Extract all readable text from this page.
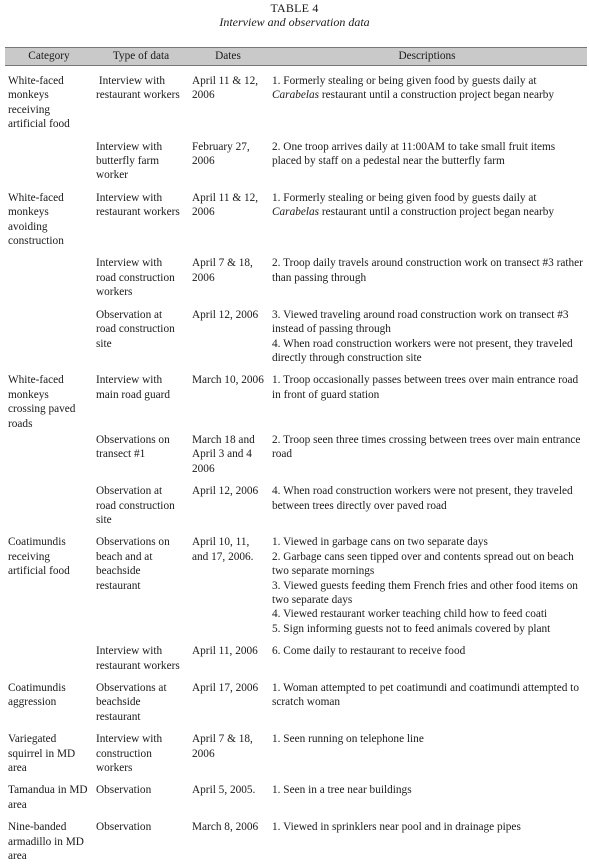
TABLE 4
Interview and observation data
Category	Type of data	Dates	Descriptions

White-faced monkeys receiving artificial food	Interview with restaurant workers	April 11 & 12, 2006	1. Formerly stealing or being given food by guests daily at Carabelas restaurant until a construction project began nearby

	Interview with butterfly farm worker	February 27, 2006	2. One troop arrives daily at 11:00AM to take small fruit items placed by staff on a pedestal near the butterfly farm

White-faced monkeys avoiding construction	Interview with restaurant workers	April 11 & 12, 2006	1. Formerly stealing or being given food by guests daily at Carabelas restaurant until a construction project began nearby

	Interview with road construction workers	April 7 & 18, 2006	2. Troop daily travels around construction work on transect #3 rather than passing through

	Observation at road construction site	April 12, 2006	3. Viewed traveling around road construction work on transect #3 instead of passing through
4. When road construction workers were not present, they traveled directly through construction site

White-faced monkeys crossing paved roads	Interview with main road guard	March 10, 2006	1. Troop occasionally passes between trees over main entrance road in front of guard station

	Observations on transect #1	March 18 and April 3 and 4 2006	2. Troop seen three times crossing between trees over main entrance road

	Observation at road construction site	April 12, 2006	4. When road construction workers were not present, they traveled between trees directly over paved road

Coatimundis receiving artificial food	Observations on beach and at beachside restaurant	April 10, 11, and 17, 2006.	1. Viewed in garbage cans on two separate days
2. Garbage cans seen tipped over and contents spread out on beach two separate mornings
3. Viewed guests feeding them French fries and other food items on two separate days
4. Viewed restaurant worker teaching child how to feed coati
5. Sign informing guests not to feed animals covered by plant

	Interview with restaurant workers	April 11, 2006	6. Come daily to restaurant to receive food

Coatimundis aggression	Observations at beachside restaurant	April 17, 2006	1. Woman attempted to pet coatimundi and coatimundi attempted to scratch woman

Variegated squirrel in MD area	Interview with construction workers	April 7 & 18, 2006	1. Seen running on telephone line

Tamandua in MD area	Observation	April 5, 2005.	1. Seen in a tree near buildings

Nine-banded armadillo in MD area	Observation	March 8, 2006	1. Viewed in sprinklers near pool and in drainage pipes
